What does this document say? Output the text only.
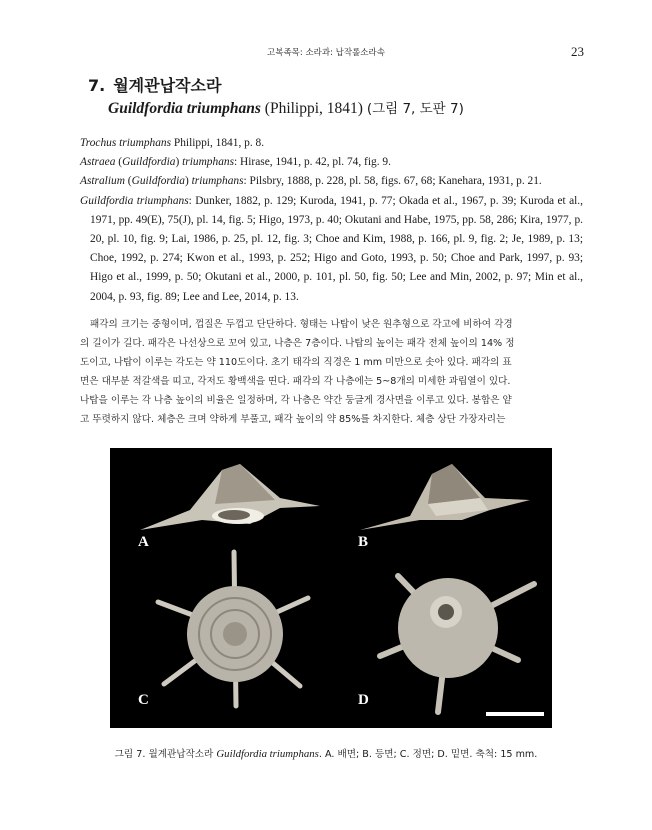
고복족목: 소라과: 납작롤소라속	23
7. 월계관납작소라
Guildfordia triumphans (Philippi, 1841) (그림 7, 도판 7)
Trochus triumphans Philippi, 1841, p. 8.
Astraea (Guildfordia) triumphans: Hirase, 1941, p. 42, pl. 74, fig. 9.
Astralium (Guildfordia) triumphans: Pilsbry, 1888, p. 228, pl. 58, figs. 67, 68; Kanehara, 1931, p. 21.
Guildfordia triumphans: Dunker, 1882, p. 129; Kuroda, 1941, p. 77; Okada et al., 1967, p. 39; Kuroda et al., 1971, pp. 49(E), 75(J), pl. 14, fig. 5; Higo, 1973, p. 40; Okutani and Habe, 1975, pp. 58, 286; Kira, 1977, p. 20, pl. 10, fig. 9; Lai, 1986, p. 25, pl. 12, fig. 3; Choe and Kim, 1988, p. 166, pl. 9, fig. 2; Je, 1989, p. 13; Choe, 1992, p. 274; Kwon et al., 1993, p. 252; Higo and Goto, 1993, p. 50; Choe and Park, 1997, p. 93; Higo et al., 1999, p. 50; Okutani et al., 2000, p. 101, pl. 50, fig. 50; Lee and Min, 2002, p. 97; Min et al., 2004, p. 93, fig. 89; Lee and Lee, 2014, p. 13.
패각의 크기는 중형이며, 껍질은 두껍고 단단하다. 형태는 나탑이 낮은 원추형으로 각고에 비하여 각경
의 길이가 길다. 패각은 나선상으로 꼬여 있고, 나층은 7층이다. 나탑의 높이는 패각 전체 높이의 14% 정
도이고, 나탑이 이루는 각도는 약 110도이다. 초기 태각의 직경은 1 mm 미만으로 솟아 있다. 패각의 표
면은 대부분 적갈색을 띠고, 각저도 황백색을 띤다. 패각의 각 나층에는 5~8개의 미세한 과립열이 있다.
나탑을 이루는 각 나층 높이의 비율은 일정하며, 각 나층은 약간 둥글게 경사면을 이루고 있다. 봉합은 얕
고 뚜렷하지 않다. 체층은 크며 약하게 부풀고, 패각 높이의 약 85%를 차지한다. 체층 상단 가장자리는
A	B
C	D
그림 7. 월계관납작소라 Guildfordia triumphans. A. 배면; B. 등면; C. 정면; D. 밑면. 축척: 15 mm.
